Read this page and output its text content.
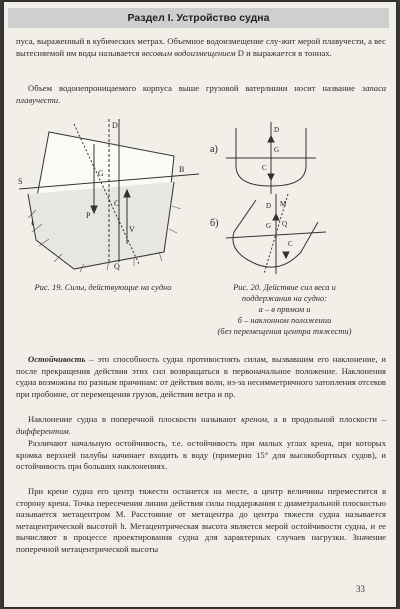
Раздел I. Устройство судна

пуса, выраженный в кубических метрах. Объемное водоизмещение слу-жит мерой плавучести, а вес вытесняемой им воды называется весовым водоизмещением D и выражается в тоннах.

Объем водонепроницаемого корпуса выше грузовой ватерлинии носит название запаса плавучести.

D
B
C
G
V
P
S
Q
а)
б)
D
G
C
D
G
C
M
Q

Рис. 19. Силы, действующие на судно	Рис. 20. Действие сил веса и
поддержания на судно:
а – в прямом и
б – наклонном положении
(без перемещения центра тяжести)

Остойчивость – это способность судна противостоять силам, вызвавшим его наклонение, и после прекращения действия этих сил возвращаться в первоначальное положение. Наклонения судна возможны по разным причинам: от действия волн, из-за несимметричного затопления отсеков при пробоине, от перемещения грузов, действия ветра и пр.

Наклонение судна в поперечной плоскости называют креном, а в продольной плоскости – дифферентом.

Различают начальную остойчивость, т.е. остойчивость при малых углах крена, при которых кромка верхней палубы начинает входить в воду (примерно 15° для высокобортных судов), и остойчивость при больших наклонениях.

При крене судна его центр тяжести останется на месте, а центр величины переместится в сторону крена. Точка пересечения линии действия силы поддержания с диаметральной плоскостью называется метацентром M. Расстояние от метацентра до центра тяжести судна называется метацентрической высотой h. Метацентрическая высота является мерой остойчивости судна, и ее вычисляют в процессе проектирования судна для характерных случаев нагрузки. Значение поперечной метацентрической высоты

33
